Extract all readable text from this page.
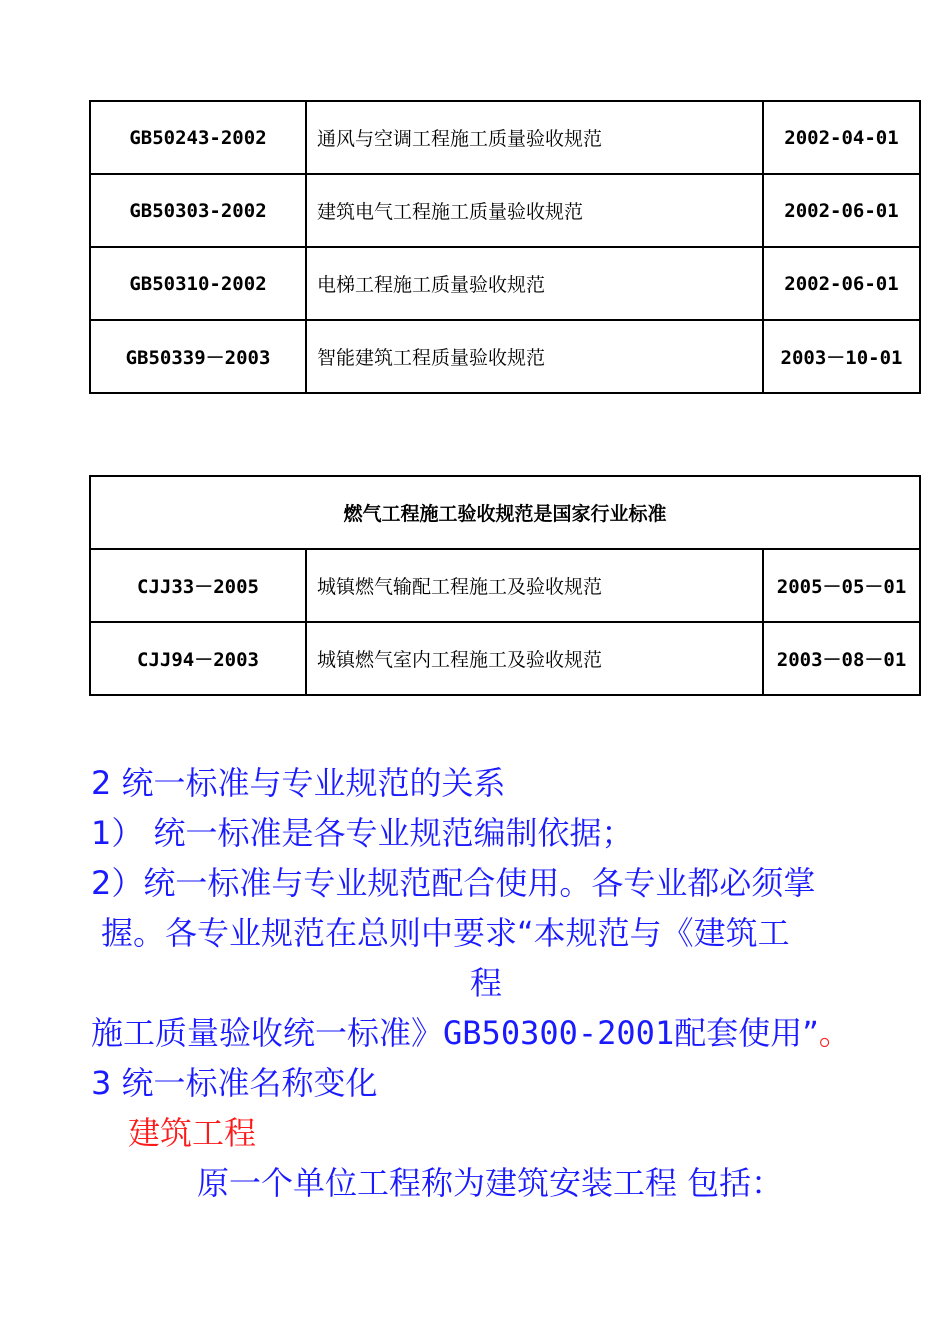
GB50243-2002	通风与空调工程施工质量验收规范	2002-04-01
GB50303-2002	建筑电气工程施工质量验收规范	2002-06-01
GB50310-2002	电梯工程施工质量验收规范	2002-06-01
GB50339－2003	智能建筑工程质量验收规范	2003－10-01
燃气工程施工验收规范是国家行业标准		
CJJ33－2005	城镇燃气输配工程施工及验收规范	2005－05－01
CJJ94－2003	城镇燃气室内工程施工及验收规范	2003－08－01
2 统一标准与专业规范的关系
1） 统一标准是各专业规范编制依据；
2）统一标准与专业规范配合使用。各专业都必须掌
握。各专业规范在总则中要求“本规范与《建筑工
程
施工质量验收统一标准》GB50300-2001配套使用”。
3 统一标准名称变化
建筑工程
原一个单位工程称为建筑安装工程 包括：
